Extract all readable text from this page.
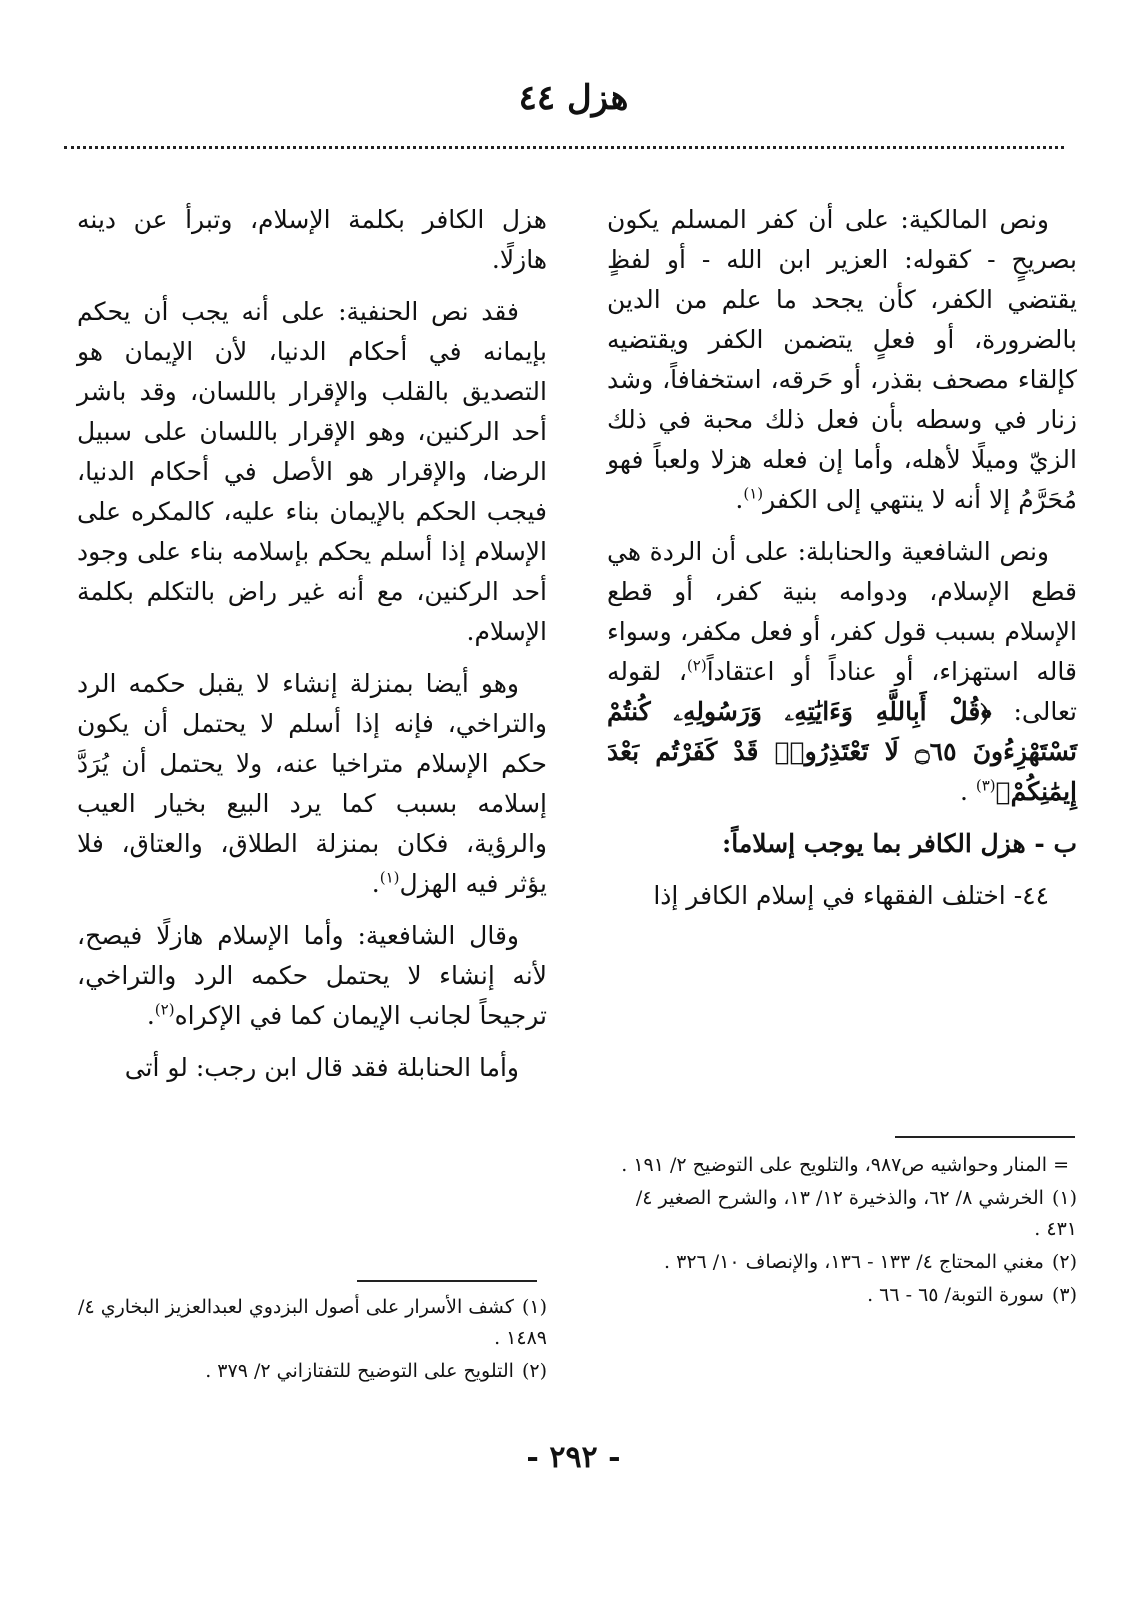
هزل ٤٤

ونص المالكية: على أن كفر المسلم يكون بصريحٍ - كقوله: العزير ابن الله - أو لفظٍ يقتضي الكفر، كأن يجحد ما علم من الدين بالضرورة، أو فعلٍ يتضمن الكفر ويقتضيه كإلقاء مصحف بقذر، أو حَرقه، استخفافاً، وشد زنار في وسطه بأن فعل ذلك محبة في ذلك الزيّ وميلًا لأهله، وأما إن فعله هزلا ولعباً فهو مُحَرَّمُ إلا أنه لا ينتهي إلى الكفر$^{(١)}$.

ونص الشافعية والحنابلة: على أن الردة هي قطع الإسلام، ودوامه بنية كفر، أو قطع الإسلام بسبب قول كفر، أو فعل مكفر، وسواء قاله استهزاء، أو عناداً أو اعتقاداً$^{(٢)}$، لقوله تعالى: ﴿قُلْ أَبِاللَّهِ وَءَايَٰتِهِۦ وَرَسُولِهِۦ كُنتُمْ تَسْتَهْزِءُونَ ۝٦٥ لَا تَعْتَذِرُوا۟ قَدْ كَفَرْتُم بَعْدَ إِيمَٰنِكُمْ﴾$^{(٣)}$ .

ب - هزل الكافر بما يوجب إسلاماً:

٤٤- اختلف الفقهاء في إسلام الكافر إذا

هزل الكافر بكلمة الإسلام، وتبرأ عن دينه هازلًا.

فقد نص الحنفية: على أنه يجب أن يحكم بإيمانه في أحكام الدنيا، لأن الإيمان هو التصديق بالقلب والإقرار باللسان، وقد باشر أحد الركنين، وهو الإقرار باللسان على سبيل الرضا، والإقرار هو الأصل في أحكام الدنيا، فيجب الحكم بالإيمان بناء عليه، كالمكره على الإسلام إذا أسلم يحكم بإسلامه بناء على وجود أحد الركنين، مع أنه غير راض بالتكلم بكلمة الإسلام.

وهو أيضا بمنزلة إنشاء لا يقبل حكمه الرد والتراخي، فإنه إذا أسلم لا يحتمل أن يكون حكم الإسلام متراخيا عنه، ولا يحتمل أن يُرَدَّ إسلامه بسبب كما يرد البيع بخيار العيب والرؤية، فكان بمنزلة الطلاق، والعتاق، فلا يؤثر فيه الهزل$^{(١)}$.

وقال الشافعية: وأما الإسلام هازلًا فيصح، لأنه إنشاء لا يحتمل حكمه الرد والتراخي، ترجيحاً لجانب الإيمان كما في الإكراه$^{(٢)}$.

وأما الحنابلة فقد قال ابن رجب: لو أتى

= المنار وحواشيه ص٩٨٧، والتلويح على التوضيح ٢/ ١٩١ .
(١)الخرشي ٨/ ٦٢، والذخيرة ١٢/ ١٣، والشرح الصغير ٤/ ٤٣١ .
(٢)مغني المحتاج ٤/ ١٣٣ - ١٣٦، والإنصاف ١٠/ ٣٢٦ .
(٣)سورة التوبة/ ٦٥ - ٦٦ .
(١)كشف الأسرار على أصول البزدوي لعبدالعزيز البخاري ٤/ ١٤٨٩ .
(٢)التلويح على التوضيح للتفتازاني ٢/ ٣٧٩ .
- ٢٩٢ -
